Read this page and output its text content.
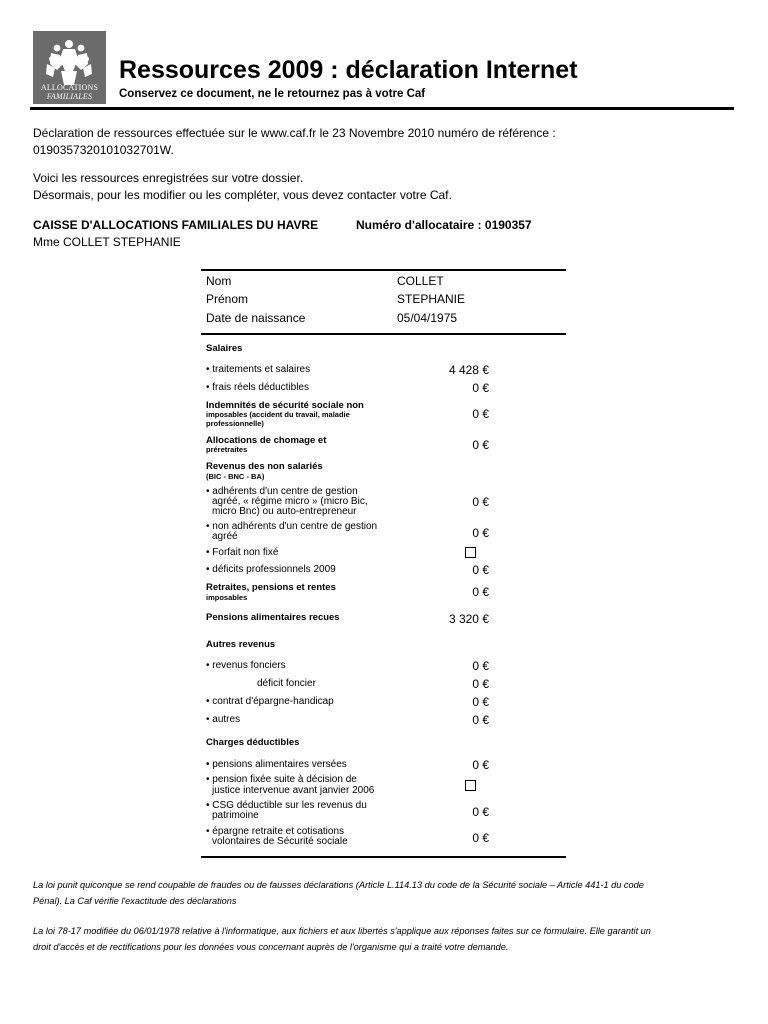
ALLOCATIONS
FAMILIALES
Ressources 2009 : déclaration Internet
Conservez ce document, ne le retournez pas à votre Caf
Déclaration de ressources effectuée sur le www.caf.fr le 23 Novembre 2010 numéro de référence :
019035732010103270​1W.
Voici les ressources enregistrées sur votre dossier.
Désormais, pour les modifier ou les compléter, vous devez contacter votre Caf.
CAISSE D'ALLOCATIONS FAMILIALES DU HAVRE	Numéro d'allocataire : 0190357
Mme COLLET STEPHANIE
Nom	COLLET
Prénom	STEPHANIE
Date de naissance	05/04/1975
Salaires
• traitements et salaires	4 428 €
• frais réels déductibles	0 €
Indemnités de sécurité sociale non
imposables (accident du travail, maladie
professionnelle)
0 €
Allocations de chomage et
préretraites	0 €
Revenus des non salariés
(BIC - BNC - BA)
• adhérents d'un centre de gestion
agréé, « régime micro » (micro Bic,
micro Bnc) ou auto-entrepreneur
0 €
• non adhérents d'un centre de gestion
agréé	0 €
• Forfait non fixé
• déficits professionnels 2009	0 €
Retraites, pensions et rentes
imposables	0 €
Pensions alimentaires recues	3 320 €
Autres revenus
• revenus fonciers	0 €
déficit foncier	0 €
• contrat d'épargne-handicap	0 €
• autres	0 €
Charges déductibles
• pensions alimentaires versées	0 €
• pension fixée suite à décision de
justice intervenue avant janvier 2006
• CSG déductible sur les revenus du
patrimoine	0 €
• épargne retraite et cotisations
volontaires de Sécurité sociale	0 €
La loi punit quiconque se rend coupable de fraudes ou de fausses déclarations (Article L.114.13 du code de la Sécurité sociale – Article 441-1 du code
Pénal). La Caf vérifie l'exactitude des déclarations
La loi 78-17 modifiée du 06/01/1978 relative à l'informatique, aux fichiers et aux libertés s'applique aux réponses faites sur ce formulaire. Elle garantit un
droit d'accès et de rectifications pour les données vous concernant auprès de l'organisme qui a traité votre demande.
